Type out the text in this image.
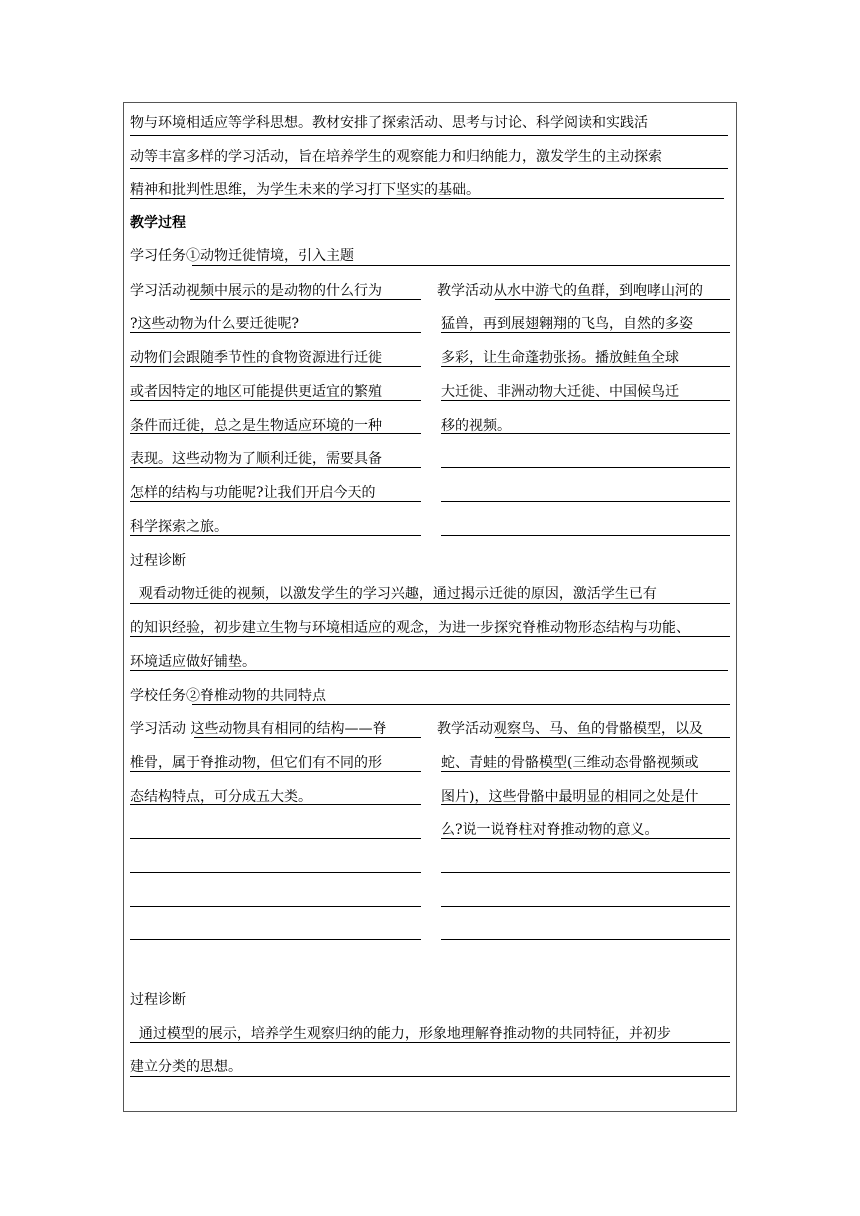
物与环境相适应等学科思想。教材安排了探索活动、思考与讨论、科学阅读和实践活
动等丰富多样的学习活动，旨在培养学生的观察能力和归纳能力，激发学生的主动探索
精神和批判性思维，为学生未来的学习打下坚实的基础。
教学过程
学习任务①动物迁徙情境，引入主题
学习活动视频中展示的是动物的什么行为
?这些动物为什么要迁徙呢?
动物们会跟随季节性的食物资源进行迁徙
或者因特定的地区可能提供更适宜的繁殖
条件而迁徙，总之是生物适应环境的一种
表现。这些动物为了顺利迁徙，需要具备
怎样的结构与功能呢?让我们开启今天的
科学探索之旅。
教学活动从水中游弋的鱼群，到咆哮山河的
猛兽，再到展翅翱翔的飞鸟，自然的多姿
多彩，让生命蓬勃张扬。播放鲑鱼全球
大迁徙、非洲动物大迁徙、中国候鸟迁
移的视频。
过程诊断
观看动物迁徙的视频，以激发学生的学习兴趣，通过揭示迁徙的原因，激活学生已有
的知识经验，初步建立生物与环境相适应的观念，为进一步探究脊椎动物形态结构与功能、
环境适应做好铺垫。
学校任务②脊椎动物的共同特点
学习活动 这些动物具有相同的结构——脊
椎骨，属于脊推动物，但它们有不同的形
态结构特点，可分成五大类。
教学活动观察鸟、马、鱼的骨骼模型，以及
蛇、青蛙的骨骼模型(三维动态骨骼视频或
图片)，这些骨骼中最明显的相同之处是什
么?说一说脊柱对脊推动物的意义。
过程诊断
通过模型的展示，培养学生观察归纳的能力，形象地理解脊推动物的共同特征，并初步
建立分类的思想。
